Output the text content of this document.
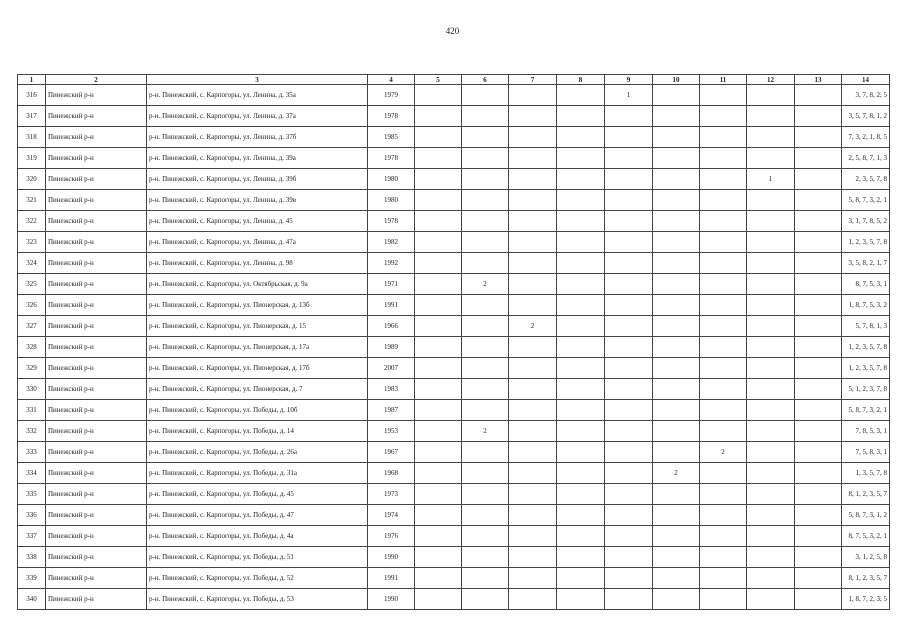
420
1	2	3	4	5	6	7	8	9	10	11	12	13	14
316	Пинежский р-н	р-н. Пинежский, с. Карпогоры, ул. Ленина, д. 35а	1979					1					3, 7, 8, 2, 5
317	Пинежский р-н	р-н. Пинежский, с. Карпогоры, ул. Ленина, д. 37а	1978										3, 5, 7, 8, 1, 2
318	Пинежский р-н	р-н. Пинежский, с. Карпогоры, ул. Ленина, д. 37б	1985										7, 3, 2, 1, 8, 5
319	Пинежский р-н	р-н. Пинежский, с. Карпогоры, ул. Ленина, д. 39а	1978										2, 5, 8, 7, 1, 3
320	Пинежский р-н	р-н. Пинежский, с. Карпогоры, ул. Ленина, д. 39б	1980								1		2, 3, 5, 7, 8
321	Пинежский р-н	р-н. Пинежский, с. Карпогоры, ул. Ленина, д. 39в	1980										5, 8, 7, 3, 2, 1
322	Пинежский р-н	р-н. Пинежский, с. Карпогоры, ул. Ленина, д. 45	1978										3, 1, 7, 8, 5, 2
323	Пинежский р-н	р-н. Пинежский, с. Карпогоры, ул. Ленина, д. 47а	1982										1, 2, 3, 5, 7, 8
324	Пинежский р-н	р-н. Пинежский, с. Карпогоры, ул. Ленина, д. 98	1992										3, 5, 8, 2, 1, 7
325	Пинежский р-н	р-н. Пинежский, с. Карпогоры, ул. Октябрьская, д. 9а	1971		2								8, 7, 5, 3, 1
326	Пинежский р-н	р-н. Пинежский, с. Карпогоры, ул. Пионерская, д. 13б	1991										1, 8, 7, 5, 3, 2
327	Пинежский р-н	р-н. Пинежский, с. Карпогоры, ул. Пионерская, д. 15	1966			2							5, 7, 8, 1, 3
328	Пинежский р-н	р-н. Пинежский, с. Карпогоры, ул. Пионерская, д. 17а	1989										1, 2, 3, 5, 7, 8
329	Пинежский р-н	р-н. Пинежский, с. Карпогоры, ул. Пионерская, д. 17б	2007										1, 2, 3, 5, 7, 8
330	Пинежский р-н	р-н. Пинежский, с. Карпогоры, ул. Пионерская, д. 7	1983										5, 1, 2, 3, 7, 8
331	Пинежский р-н	р-н. Пинежский, с. Карпогоры, ул. Победы, д. 10б	1987										5, 8, 7, 3, 2, 1
332	Пинежский р-н	р-н. Пинежский, с. Карпогоры, ул. Победы, д. 14	1953		2								7, 8, 5, 3, 1
333	Пинежский р-н	р-н. Пинежский, с. Карпогоры, ул. Победы, д. 26а	1967							2			7, 5, 8, 3, 1
334	Пинежский р-н	р-н. Пинежский, с. Карпогоры, ул. Победы, д. 31а	1968						2				1, 3, 5, 7, 8
335	Пинежский р-н	р-н. Пинежский, с. Карпогоры, ул. Победы, д. 45	1973										8, 1, 2, 3, 5, 7
336	Пинежский р-н	р-н. Пинежский, с. Карпогоры, ул. Победы, д. 47	1974										5, 8, 7, 3, 1, 2
337	Пинежский р-н	р-н. Пинежский, с. Карпогоры, ул. Победы, д. 4а	1976										8, 7, 5, 3, 2, 1
338	Пинежский р-н	р-н. Пинежский, с. Карпогоры, ул. Победы, д. 51	1990										3, 1, 2, 5, 8
339	Пинежский р-н	р-н. Пинежский, с. Карпогоры, ул. Победы, д. 52	1991										8, 1, 2, 3, 5, 7
340	Пинежский р-н	р-н. Пинежский, с. Карпогоры, ул. Победы, д. 53	1990										1, 8, 7, 2, 3, 5
